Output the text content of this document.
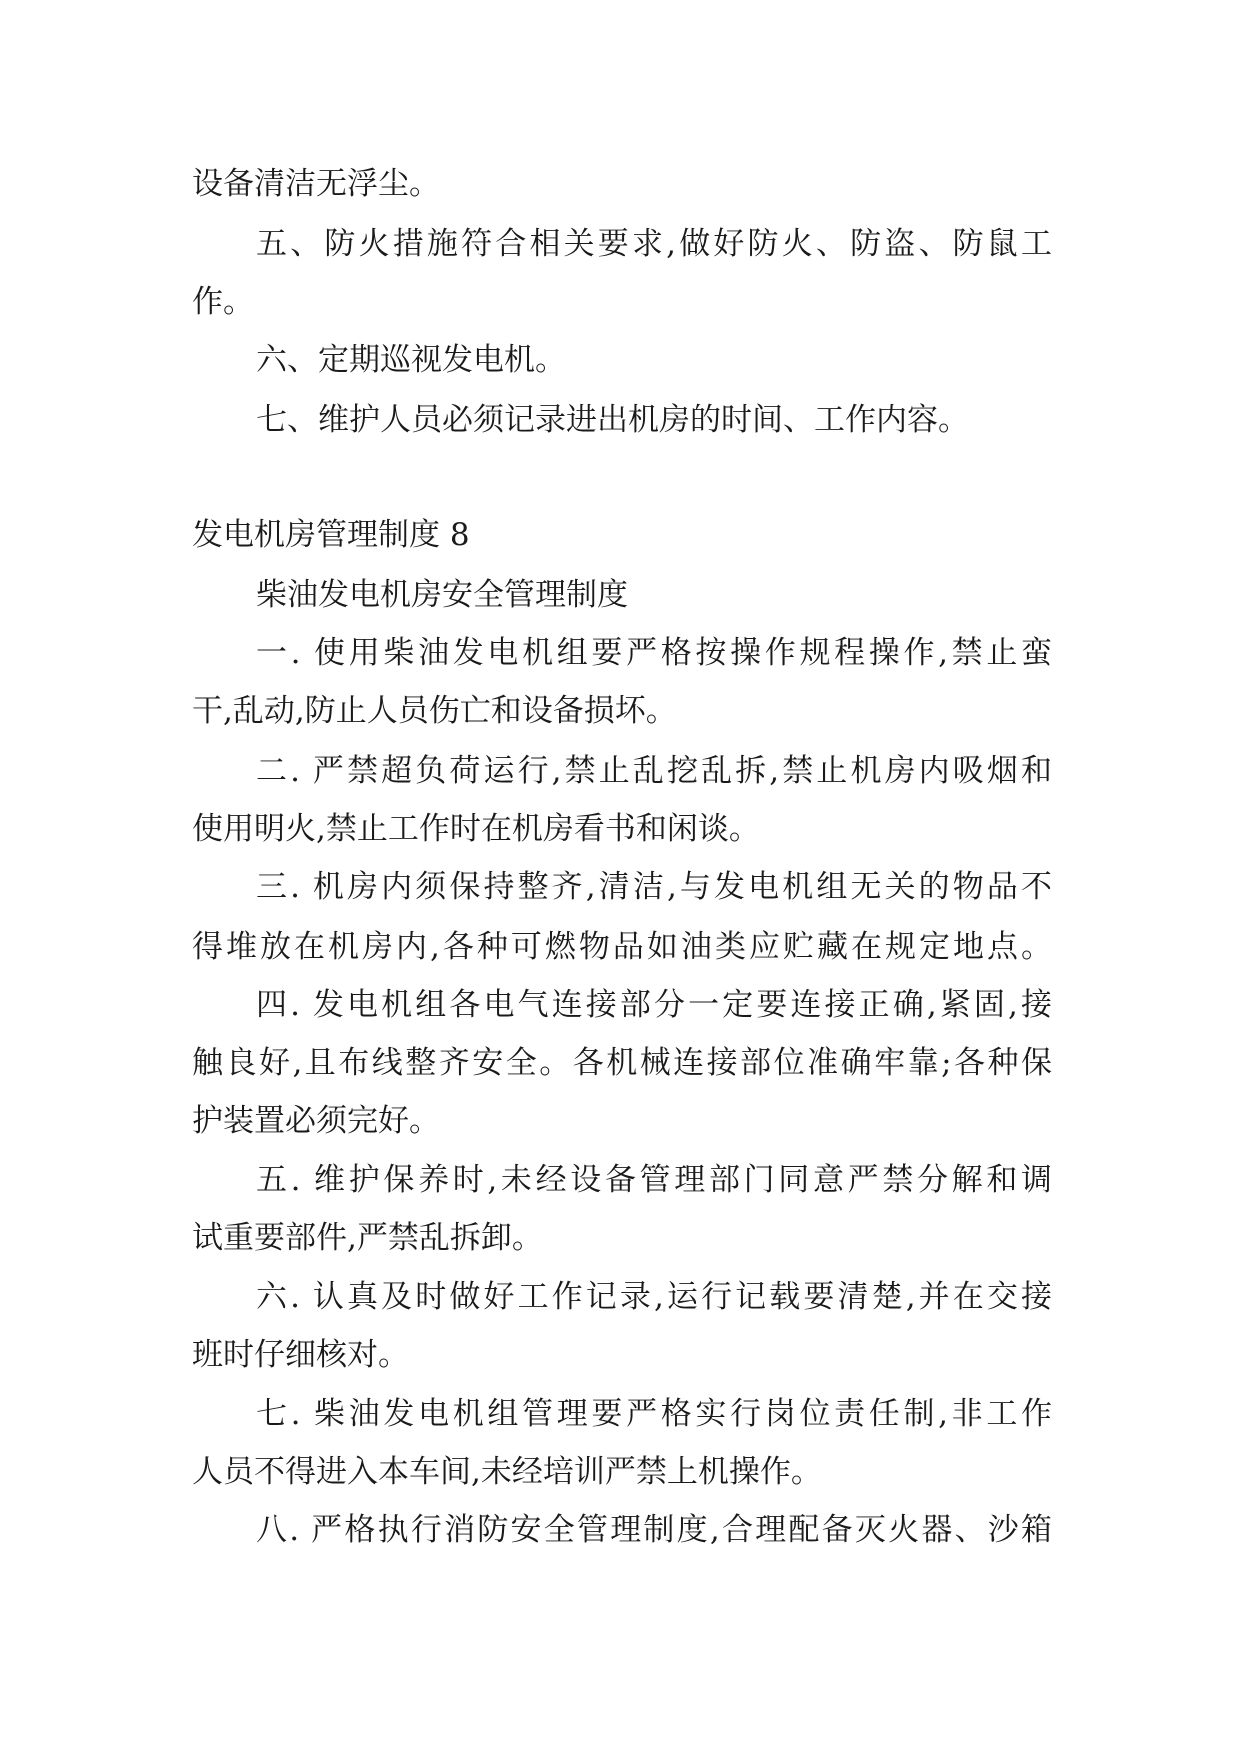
设备清洁无浮尘。
五、防火措施符合相关要求,做好防火、防盗、防鼠工
作。
六、定期巡视发电机。
七、维护人员必须记录进出机房的时间、工作内容。
发电机房管理制度 8
柴油发电机房安全管理制度
一. 使用柴油发电机组要严格按操作规程操作,禁止蛮
干,乱动,防止人员伤亡和设备损坏。
二. 严禁超负荷运行,禁止乱挖乱拆,禁止机房内吸烟和
使用明火,禁止工作时在机房看书和闲谈。
三. 机房内须保持整齐,清洁,与发电机组无关的物品不
得堆放在机房内,各种可燃物品如油类应贮藏在规定地点。
四. 发电机组各电气连接部分一定要连接正确,紧固,接
触良好,且布线整齐安全。各机械连接部位准确牢靠;各种保
护装置必须完好。
五. 维护保养时,未经设备管理部门同意严禁分解和调
试重要部件,严禁乱拆卸。
六. 认真及时做好工作记录,运行记载要清楚,并在交接
班时仔细核对。
七. 柴油发电机组管理要严格实行岗位责任制,非工作
人员不得进入本车间,未经培训严禁上机操作。
八. 严格执行消防安全管理制度,合理配备灭火器、沙箱
